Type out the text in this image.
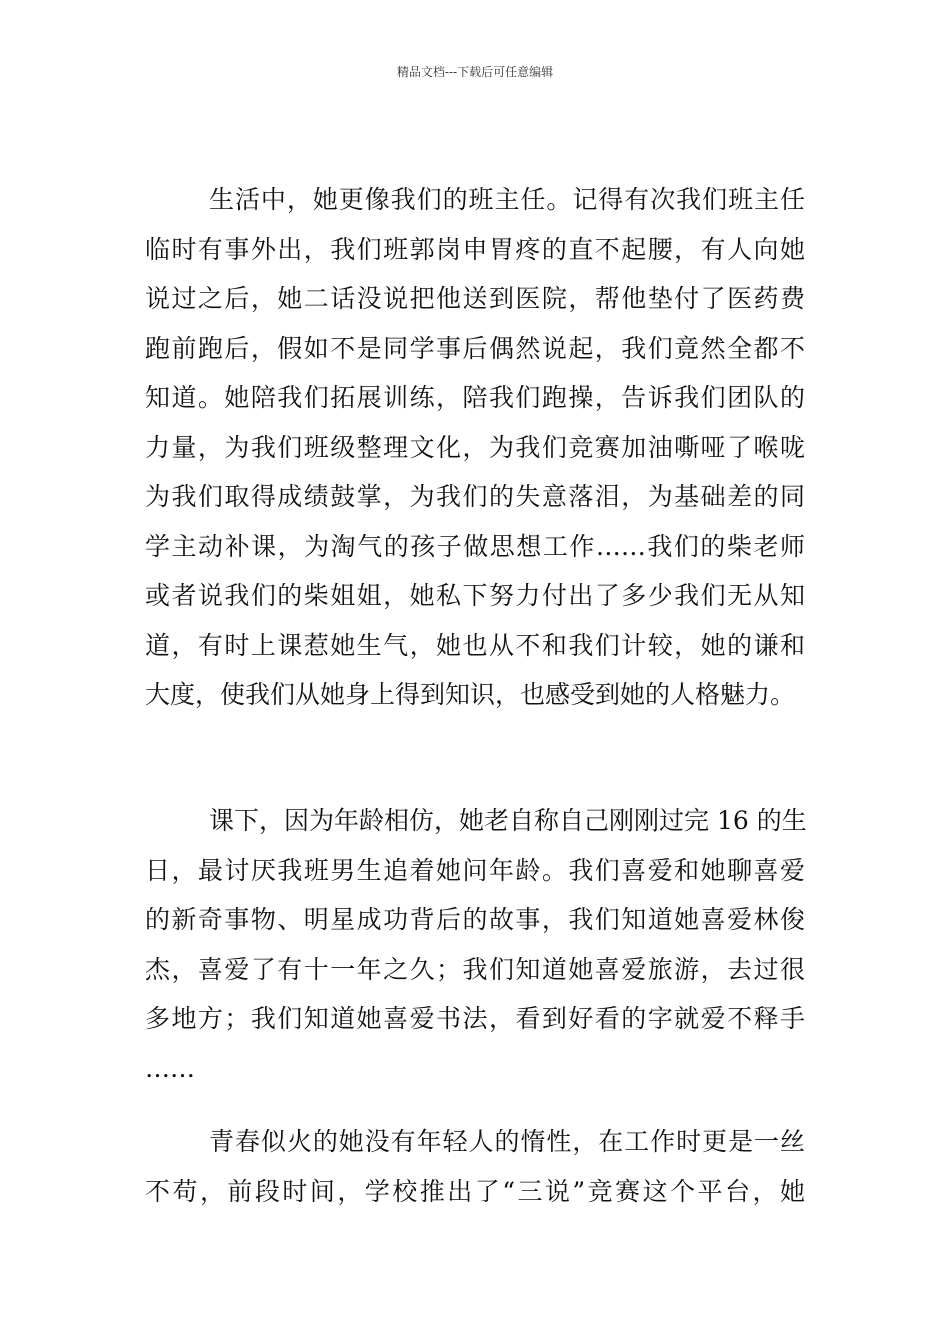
精品文档---下载后可任意编辑
生活中，她更像我们的班主任。记得有次我们班主任
临时有事外出，我们班郭岗申胃疼的直不起腰，有人向她
说过之后，她二话没说把他送到医院，帮他垫付了医药费
跑前跑后，假如不是同学事后偶然说起，我们竟然全都不
知道。她陪我们拓展训练，陪我们跑操，告诉我们团队的
力量，为我们班级整理文化，为我们竞赛加油嘶哑了喉咙
为我们取得成绩鼓掌，为我们的失意落泪，为基础差的同
学主动补课，为淘气的孩子做思想工作……我们的柴老师
或者说我们的柴姐姐，她私下努力付出了多少我们无从知
道，有时上课惹她生气，她也从不和我们计较，她的谦和
大度，使我们从她身上得到知识，也感受到她的人格魅力。
课下，因为年龄相仿，她老自称自己刚刚过完 16 的生
日，最讨厌我班男生追着她问年龄。我们喜爱和她聊喜爱
的新奇事物、明星成功背后的故事，我们知道她喜爱林俊
杰，喜爱了有十一年之久；我们知道她喜爱旅游，去过很
多地方；我们知道她喜爱书法，看到好看的字就爱不释手
……
青春似火的她没有年轻人的惰性，在工作时更是一丝
不苟，前段时间，学校推出了“三说”竞赛这个平台，她
